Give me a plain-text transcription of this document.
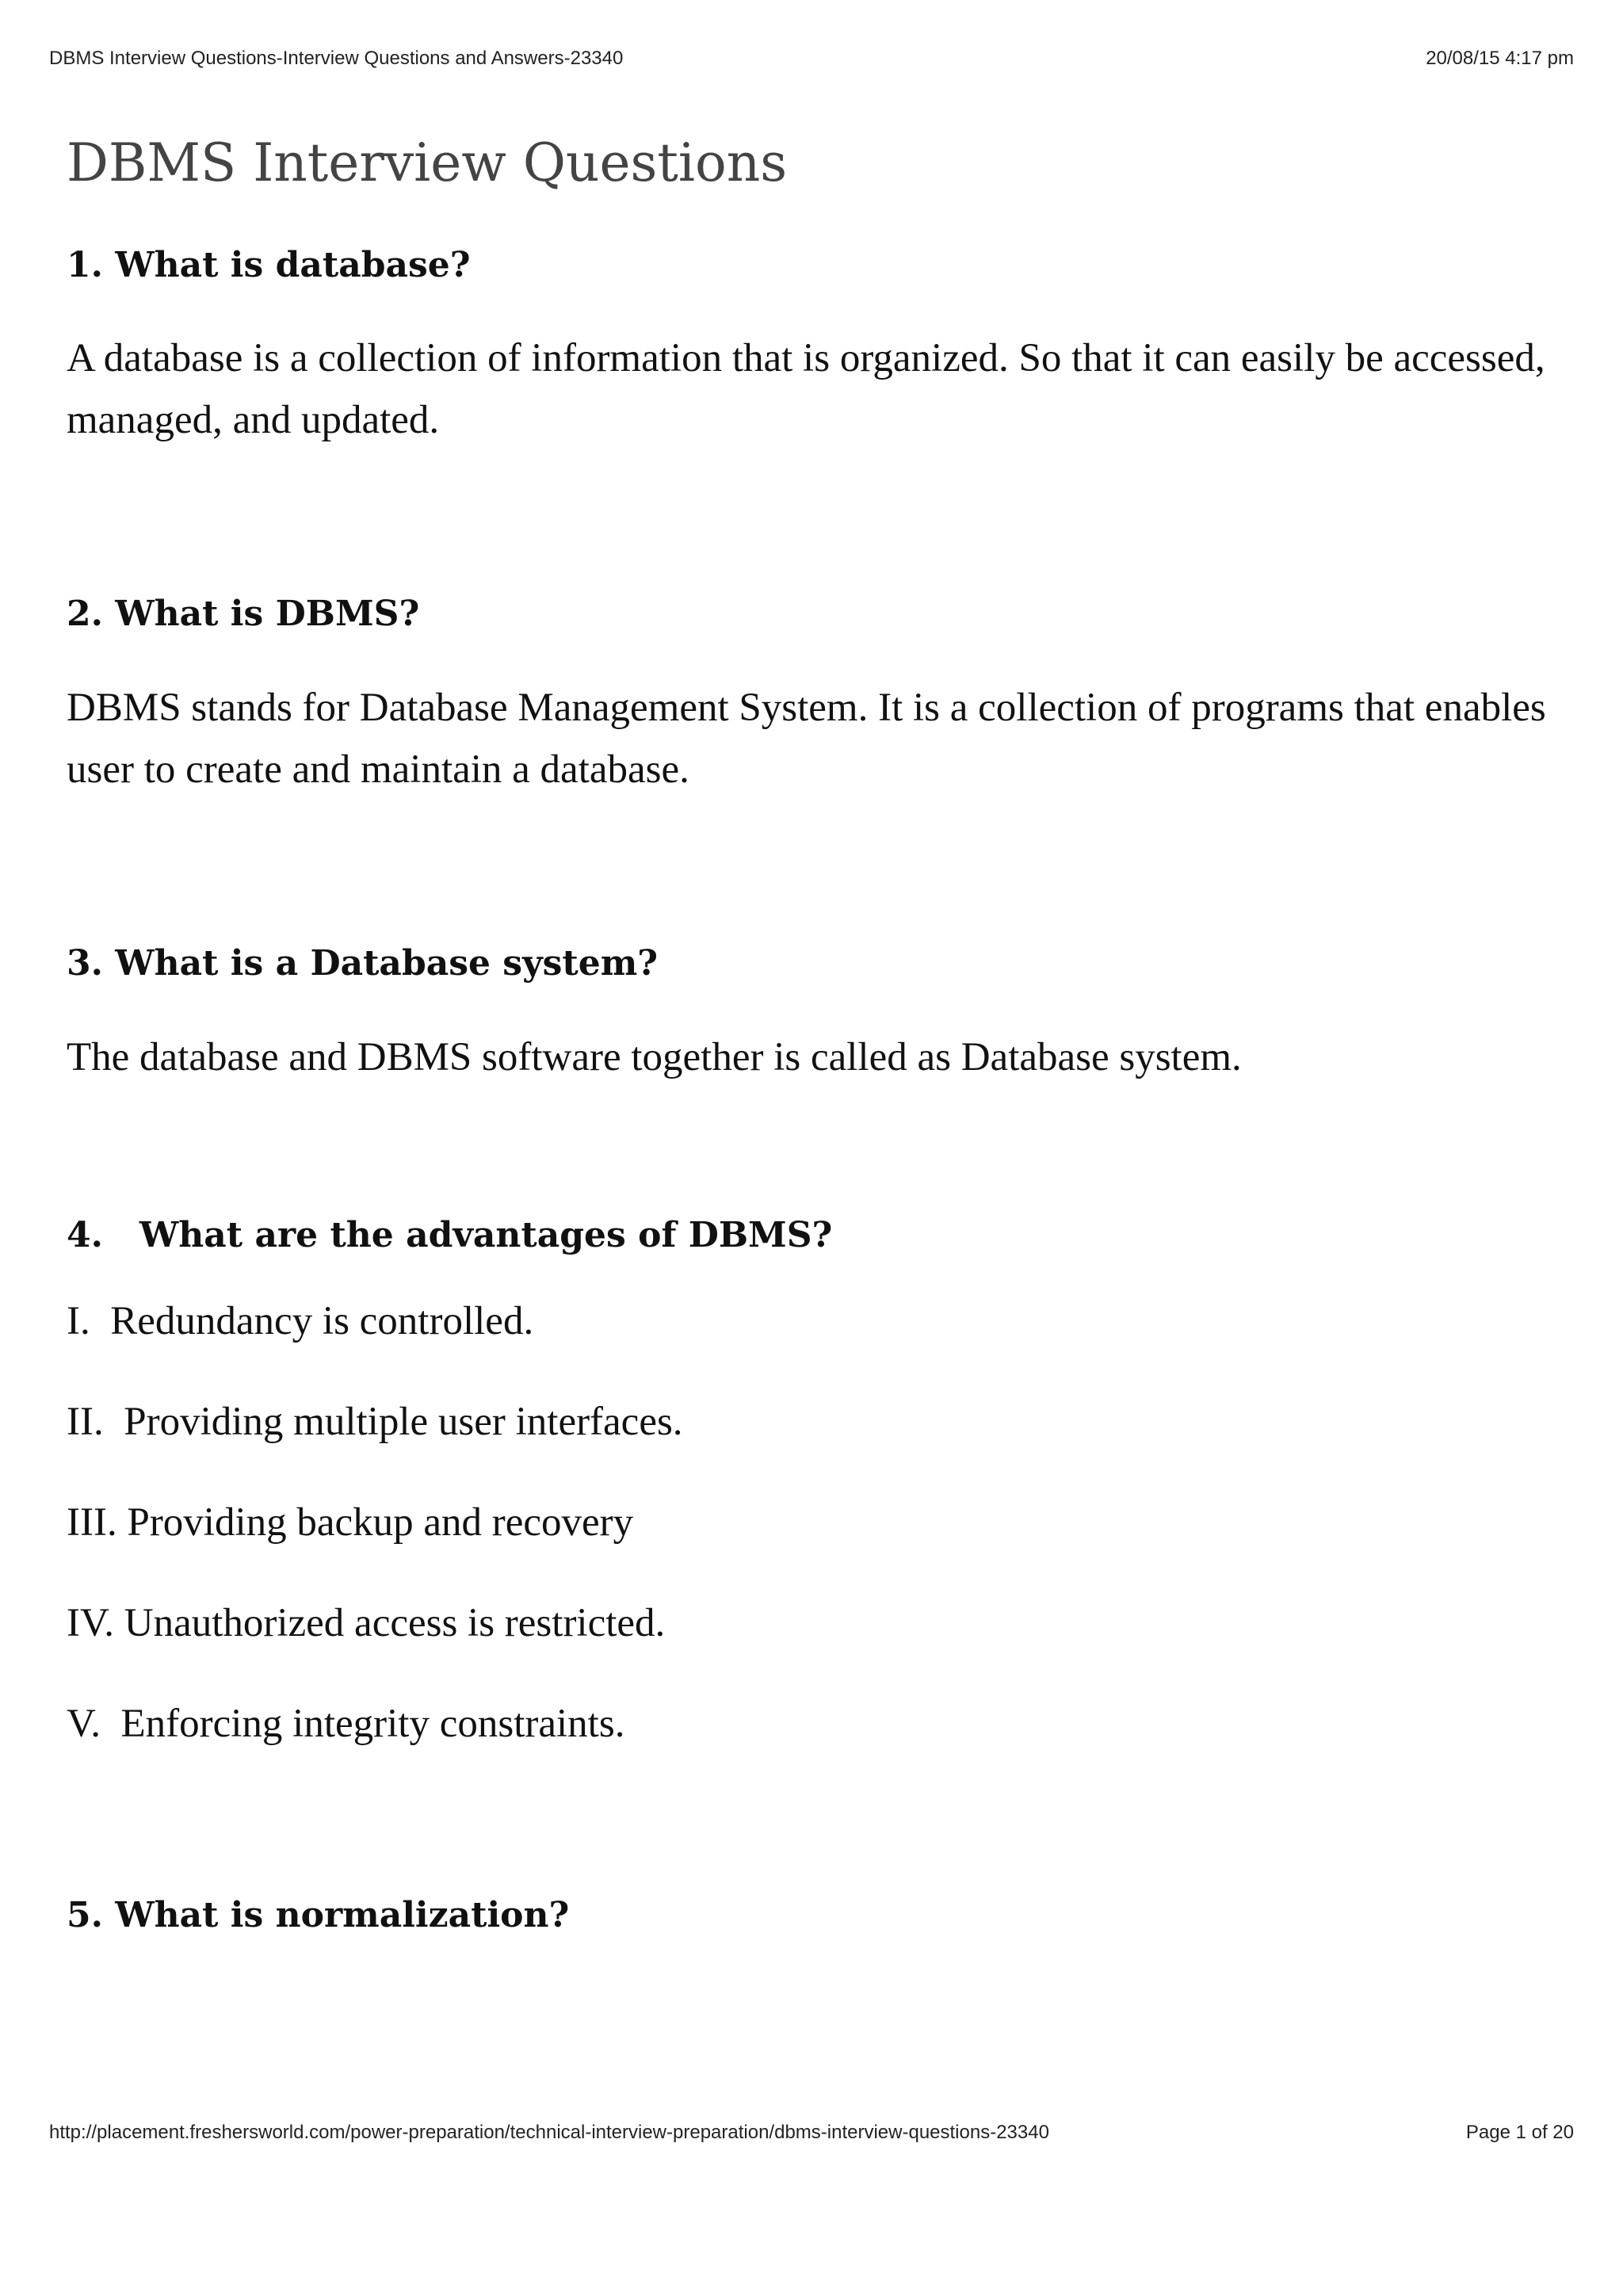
DBMS Interview Questions-Interview Questions and Answers-23340	20/08/15 4:17 pm
DBMS Interview Questions
1. What is database?

A database is a collection of information that is organized. So that it can easily be accessed, managed, and updated.

2. What is DBMS?

DBMS stands for Database Management System. It is a collection of programs that enables user to create and maintain a database.

3. What is a Database system?

The database and DBMS software together is called as Database system.

4.   What are the advantages of DBMS?
I.  Redundancy is controlled.
II.  Providing multiple user interfaces.
III. Providing backup and recovery
IV. Unauthorized access is restricted.
V.  Enforcing integrity constraints.
5. What is normalization?
http://placement.freshersworld.com/power-preparation/technical-interview-preparation/dbms-interview-questions-23340	Page 1 of 20
